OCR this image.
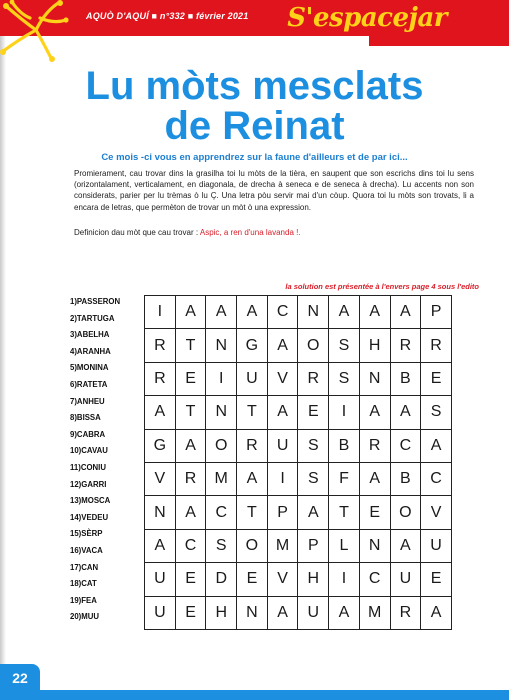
AQUÒ D'AQUÍ ■ n°332 ■ février 2021 S'espacejar
Lu mòts mesclats
de Reinat
Ce mois -ci vous en apprendrez sur la faune d'ailleurs et de par ici...

Promierament, cau trovar dins la grasilha toi lu mòts de la tièra, en saupent que son escrichs dins toi lu sens (orizontalament, verticalament, en diagonala, de drecha à seneca e de seneca à drecha). Lu accents non son considerats, parier per lu trèmas ò lu Ç. Una letra pòu servir mai d'un còup. Quora toi lu mòts son trovats, li a encara de letras, que permèton de trovar un mòt ò una expression.

Definicion dau mòt que cau trovar : Aspic, a ren d'una lavanda !.

la solution est présentée à l'envers page 4 sous l'edito
1)PASSERON
2)TARTUGA
3)ABELHA
4)ARANHA
5)MONINA
6)RATETA
7)ANHEU
8)BISSA
9)CABRA
10)CAVAU
11)CONIU
12)GARRI
13)MOSCA
14)VEDEU
15)SÈRP
16)VACA
17)CAN
18)CAT
19)FEA
20)MUU
I	A	A	A	C	N	A	A	A	P
R	T	N	G	A	O	S	H	R	R
R	E	I	U	V	R	S	N	B	E
A	T	N	T	A	E	I	A	A	S
G	A	O	R	U	S	B	R	C	A
V	R	M	A	I	S	F	A	B	C
N	A	C	T	P	A	T	E	O	V
A	C	S	O	M	P	L	N	A	U
U	E	D	E	V	H	I	C	U	E
U	E	H	N	A	U	A	M	R	A
22
